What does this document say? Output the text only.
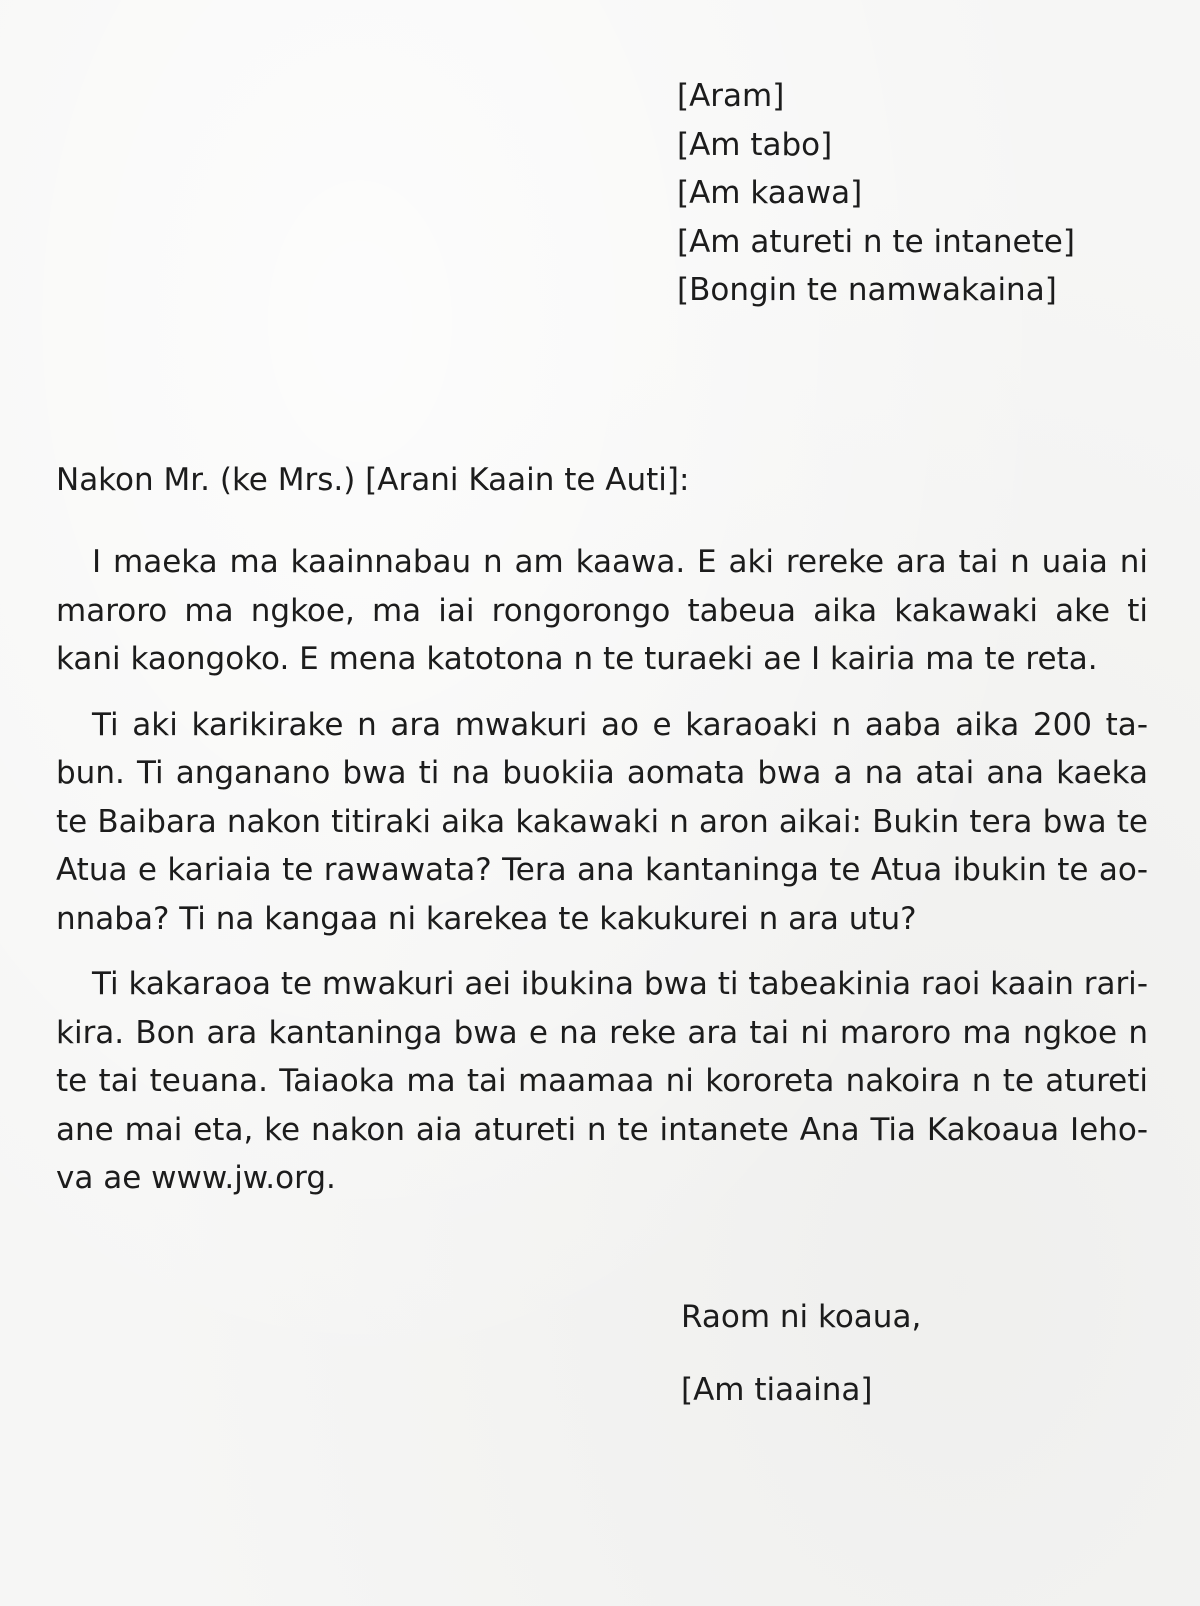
[Aram]
[Am tabo]
[Am kaawa]
[Am atureti n te intanete]
[Bongin te namwakaina]
Nakon Mr. (ke Mrs.) [Arani Kaain te Auti]:

I maeka ma kaainnabau n am kaawa. E aki rereke ara tai n uaia ni maroro ma ngkoe, ma iai rongorongo tabeua aika kakawaki ake ti kani kaongoko. E mena katotona n te turaeki ae I kairia ma te reta.

Ti aki karikirake n ara mwakuri ao e karaoaki n aaba aika 200 tabun. Ti anganano bwa ti na buokiia aomata bwa a na atai ana kaeka te Baibara nakon titiraki aika kakawaki n aron aikai: Bukin tera bwa te Atua e kariaia te rawawata? Tera ana kantaninga te Atua ibukin te aonnaba? Ti na kangaa ni karekea te kakukurei n ara utu?

Ti kakaraoa te mwakuri aei ibukina bwa ti tabeakinia raoi kaain rarikira. Bon ara kantaninga bwa e na reke ara tai ni maroro ma ngkoe n te tai teuana. Taiaoka ma tai maamaa ni kororeta nakoira n te atureti ane mai eta, ke nakon aia atureti n te intanete Ana Tia Kakoaua Iehova ae www.jw.org.

Raom ni koaua,
[Am tiaaina]
